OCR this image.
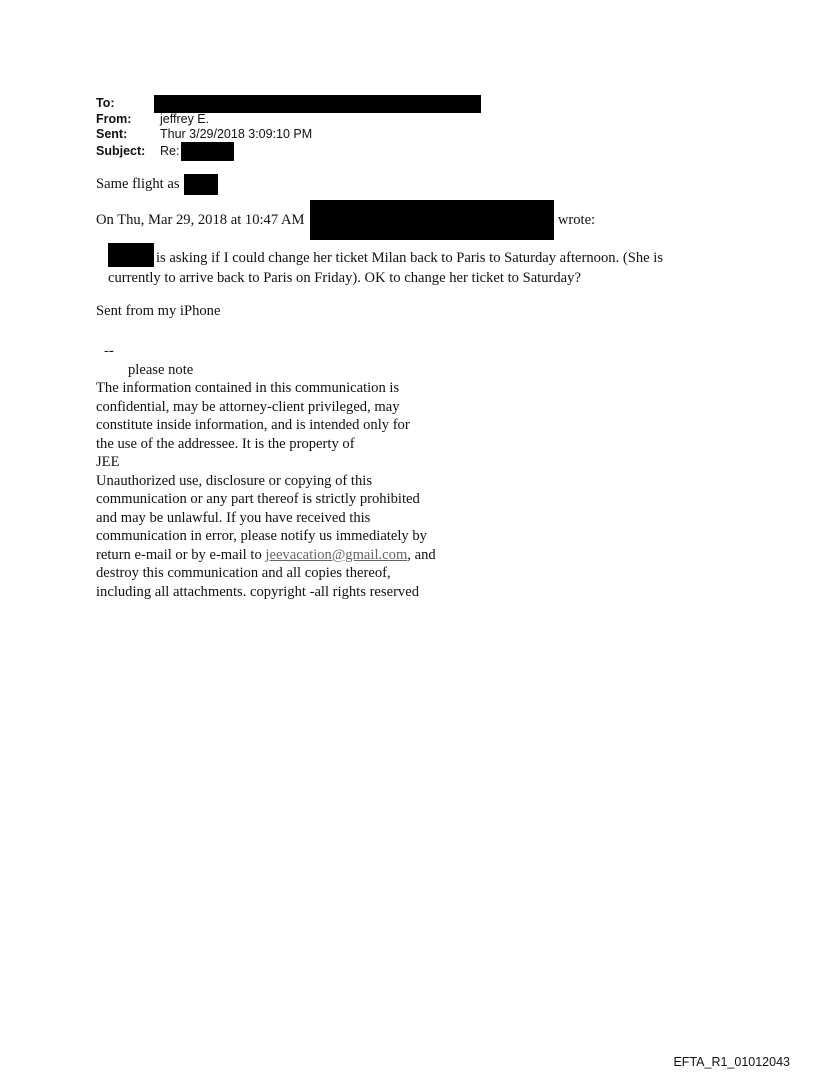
To:
From:	jeffrey E.
Sent:	Thur 3/29/2018 3:09:10 PM
Subject:	Re:
Same flight as
On Thu, Mar 29, 2018 at 10:47 AM	wrote:
is asking if I could change her ticket Milan back to Paris to Saturday afternoon. (She is
currently to arrive back to Paris on Friday). OK to change her ticket to Saturday?
Sent from my iPhone
--
please note
The information contained in this communication is
confidential, may be attorney-client privileged, may
constitute inside information, and is intended only for
the use of the addressee. It is the property of
JEE
Unauthorized use, disclosure or copying of this
communication or any part thereof is strictly prohibited
and may be unlawful. If you have received this
communication in error, please notify us immediately by
return e-mail or by e-mail to jeevacation@gmail.com, and
destroy this communication and all copies thereof,
including all attachments. copyright -all rights reserved
EFTA_R1_01012043
